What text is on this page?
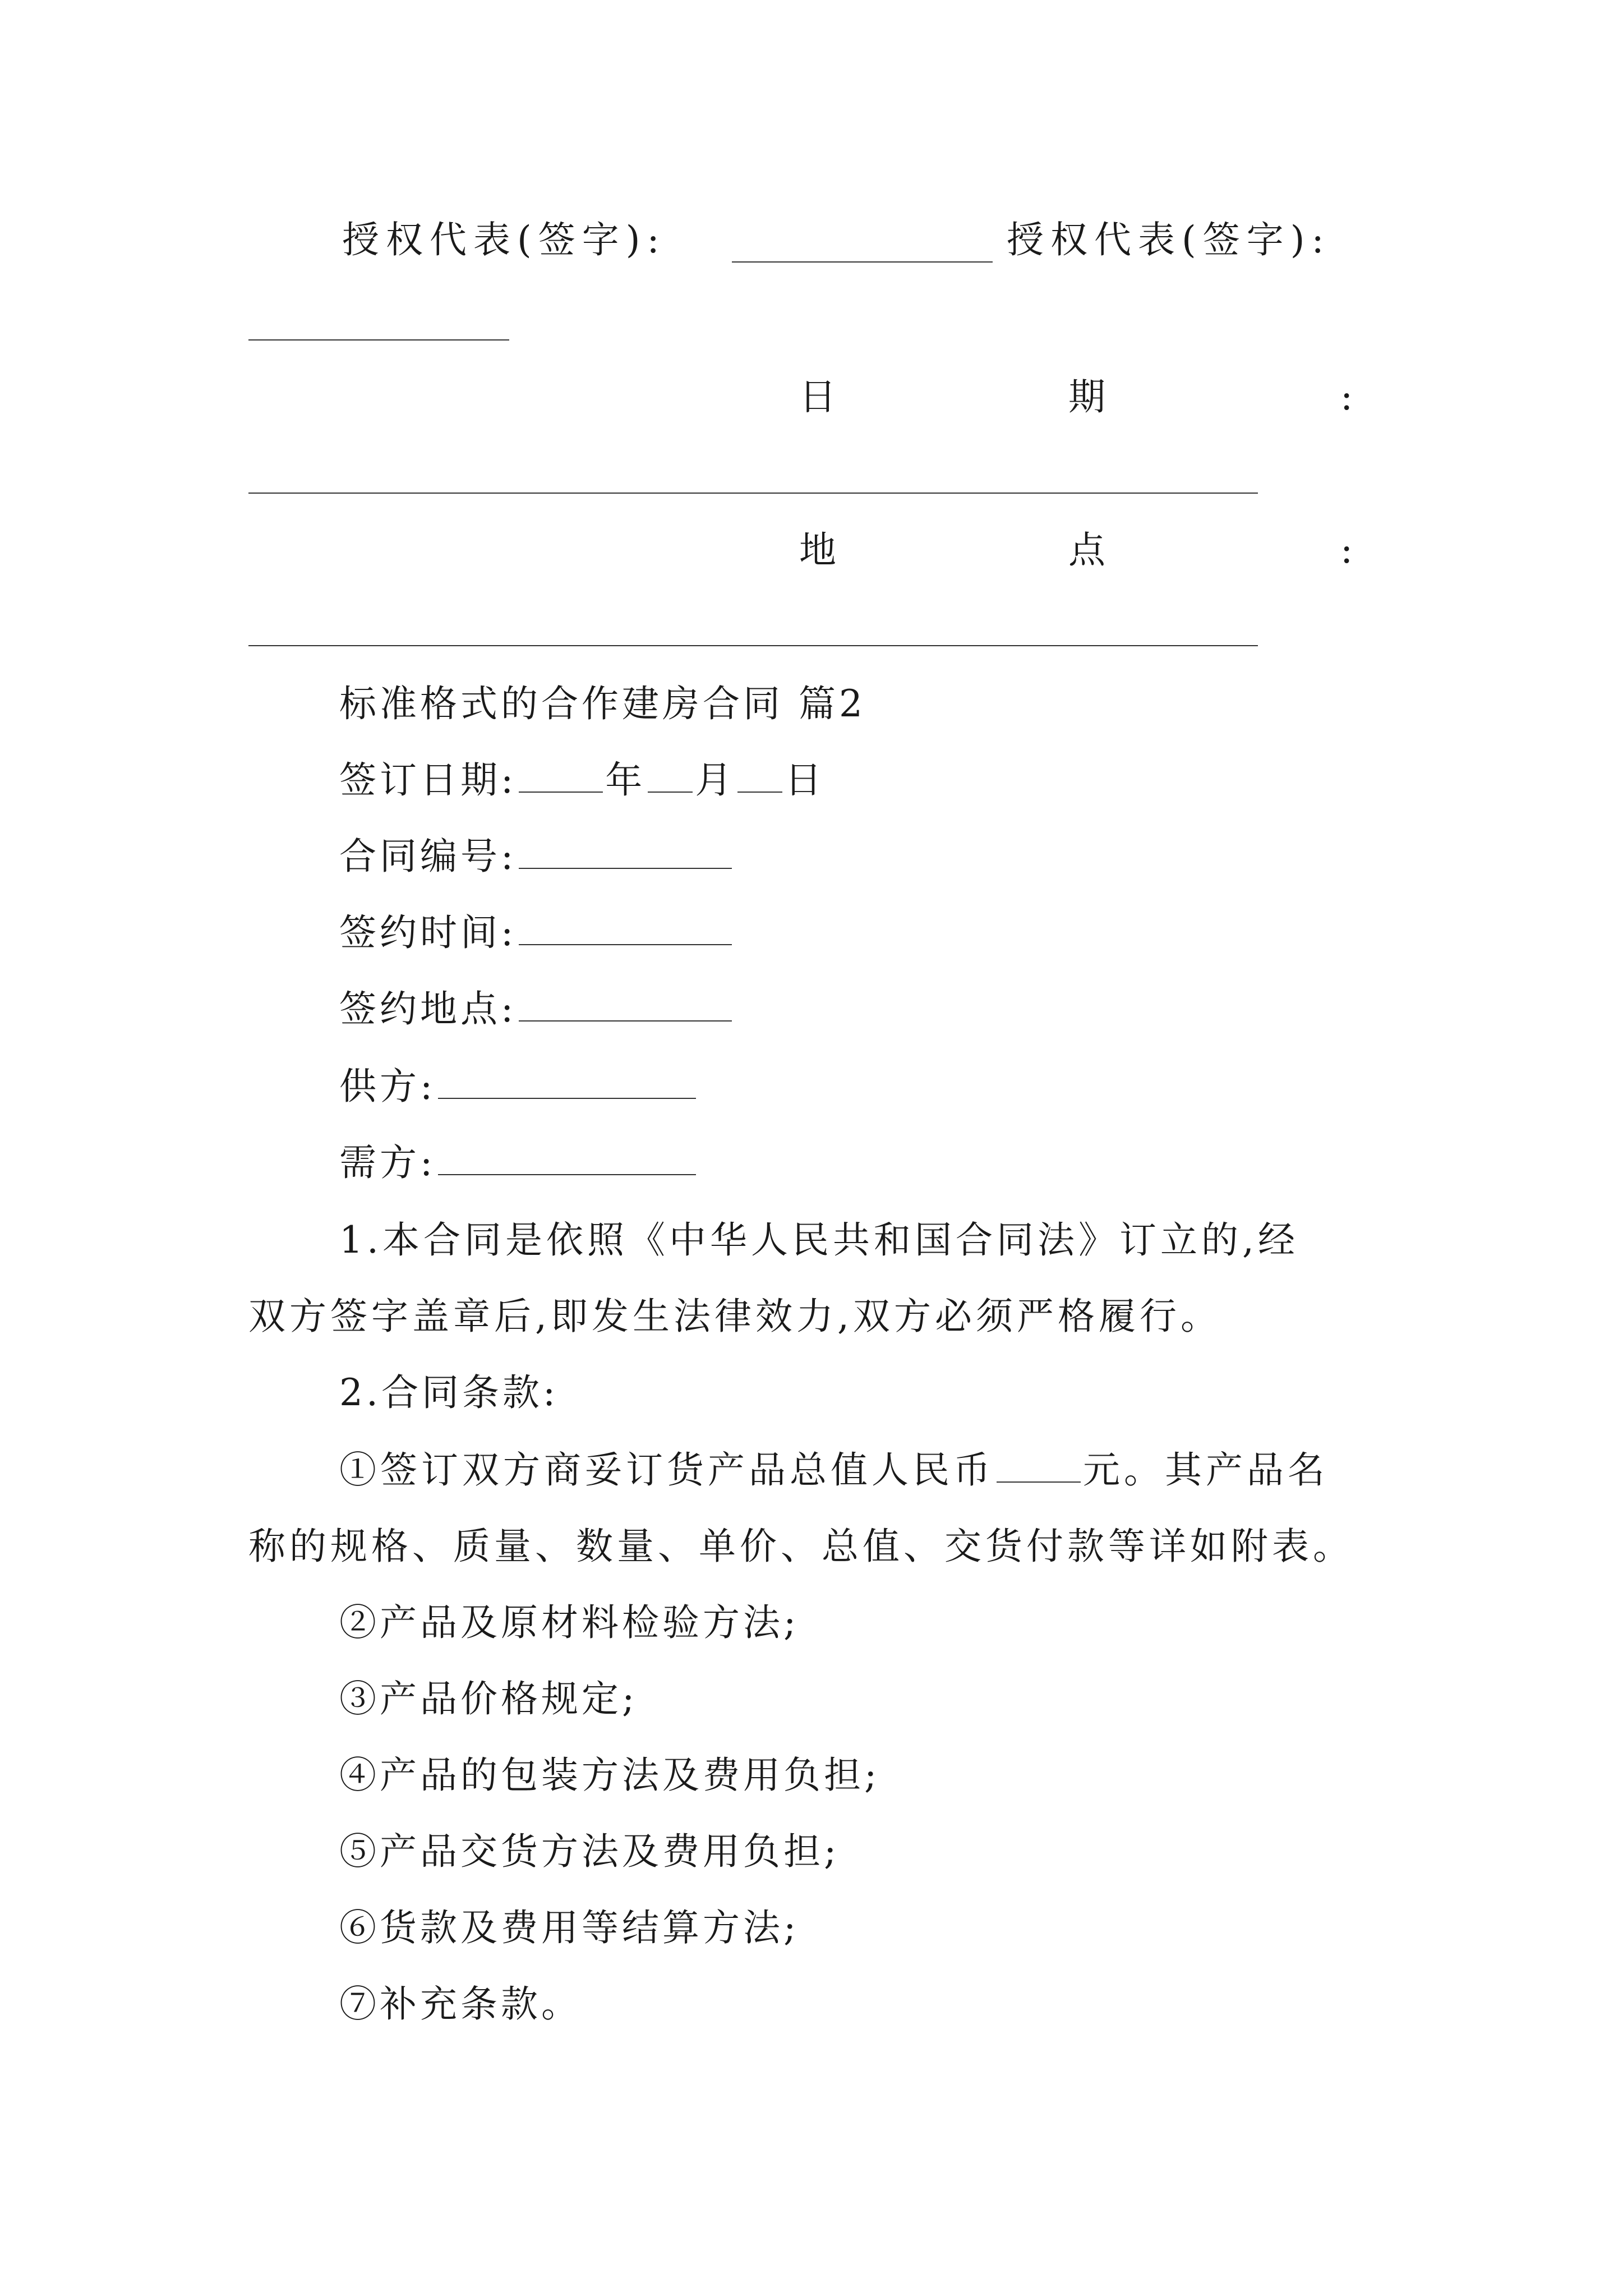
授权代表(签字):	授权代表(签字):
日	期	:
地	点	:
标准格式的合作建房合同 篇2
签订日期: 年 月 日
合同编号:
签约时间:
签约地点:
供方:
需方:
1.本合同是依照《中华人民共和国合同法》订立的,经
双方签字盖章后,即发生法律效力,双方必须严格履行。
2.合同条款:
①签订双方商妥订货产品总值人民币 元。其产品名
称的规格、质量、数量、单价、总值、交货付款等详如附表。
②产品及原材料检验方法;
③产品价格规定;
④产品的包装方法及费用负担;
⑤产品交货方法及费用负担;
⑥货款及费用等结算方法;
⑦补充条款。
